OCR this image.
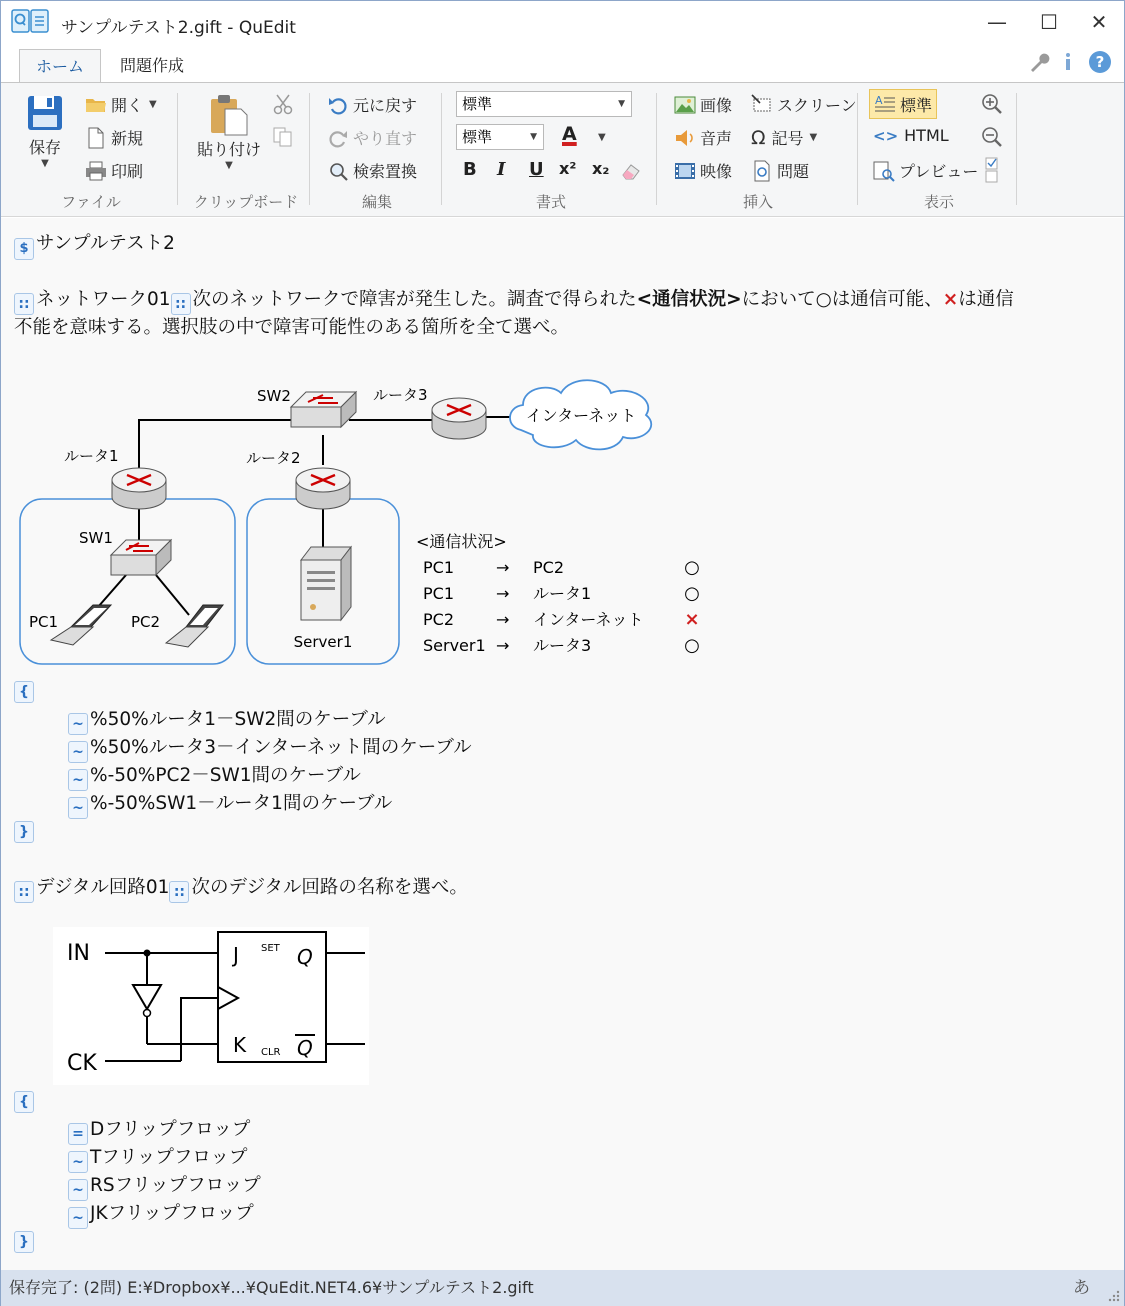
サンプルテスト2.gift - QuEdit	— ☐ ✕
ホーム	問題作成	?
保存
▼
開く ▼
新規
印刷
ファイル
貼り付け
▼
クリップボード
元に戻す
やり直す
検索置換
編集
標準	▼
標準	▼ A ▼
B I U x² x₂
書式
画像	スクリーン
音声 Ω 記号 ▼
映像	問題
挿入
A 標準
<> HTML
プレビュー
表示
$ サンプルテスト2
:: ネットワーク01 :: 次のネットワークで障害が発生した。調査で得られた<通信状況>において○は通信可能、×は通信
不能を意味する。選択肢の中で障害可能性のある箇所を全て選べ。
SW2	ルータ3
インターネット
ルータ1	ルータ2
SW1
PC1	PC2
Server1
<通信状況>
PC1	→ PC2	○
PC1	→ ルータ1	○
PC2	→ インターネット ×
Server1 → ルータ3	○
{
~ %50%ルータ1－SW2間のケーブル
~ %50%ルータ3－インターネット間のケーブル
~ %-50%PC2－SW1間のケーブル
~ %-50%SW1－ルータ1間のケーブル
}
:: デジタル回路01 :: 次のデジタル回路の名称を選べ。
IN
CK
J
K
SET
CLR
Q
Q
{
= Dフリップフロップ
~ Tフリップフロップ
~ RSフリップフロップ
~ JKフリップフロップ
}
保存完了: (2問) E:¥Dropbox¥...¥QuEdit.NET4.6¥サンプルテスト2.gift	あ
